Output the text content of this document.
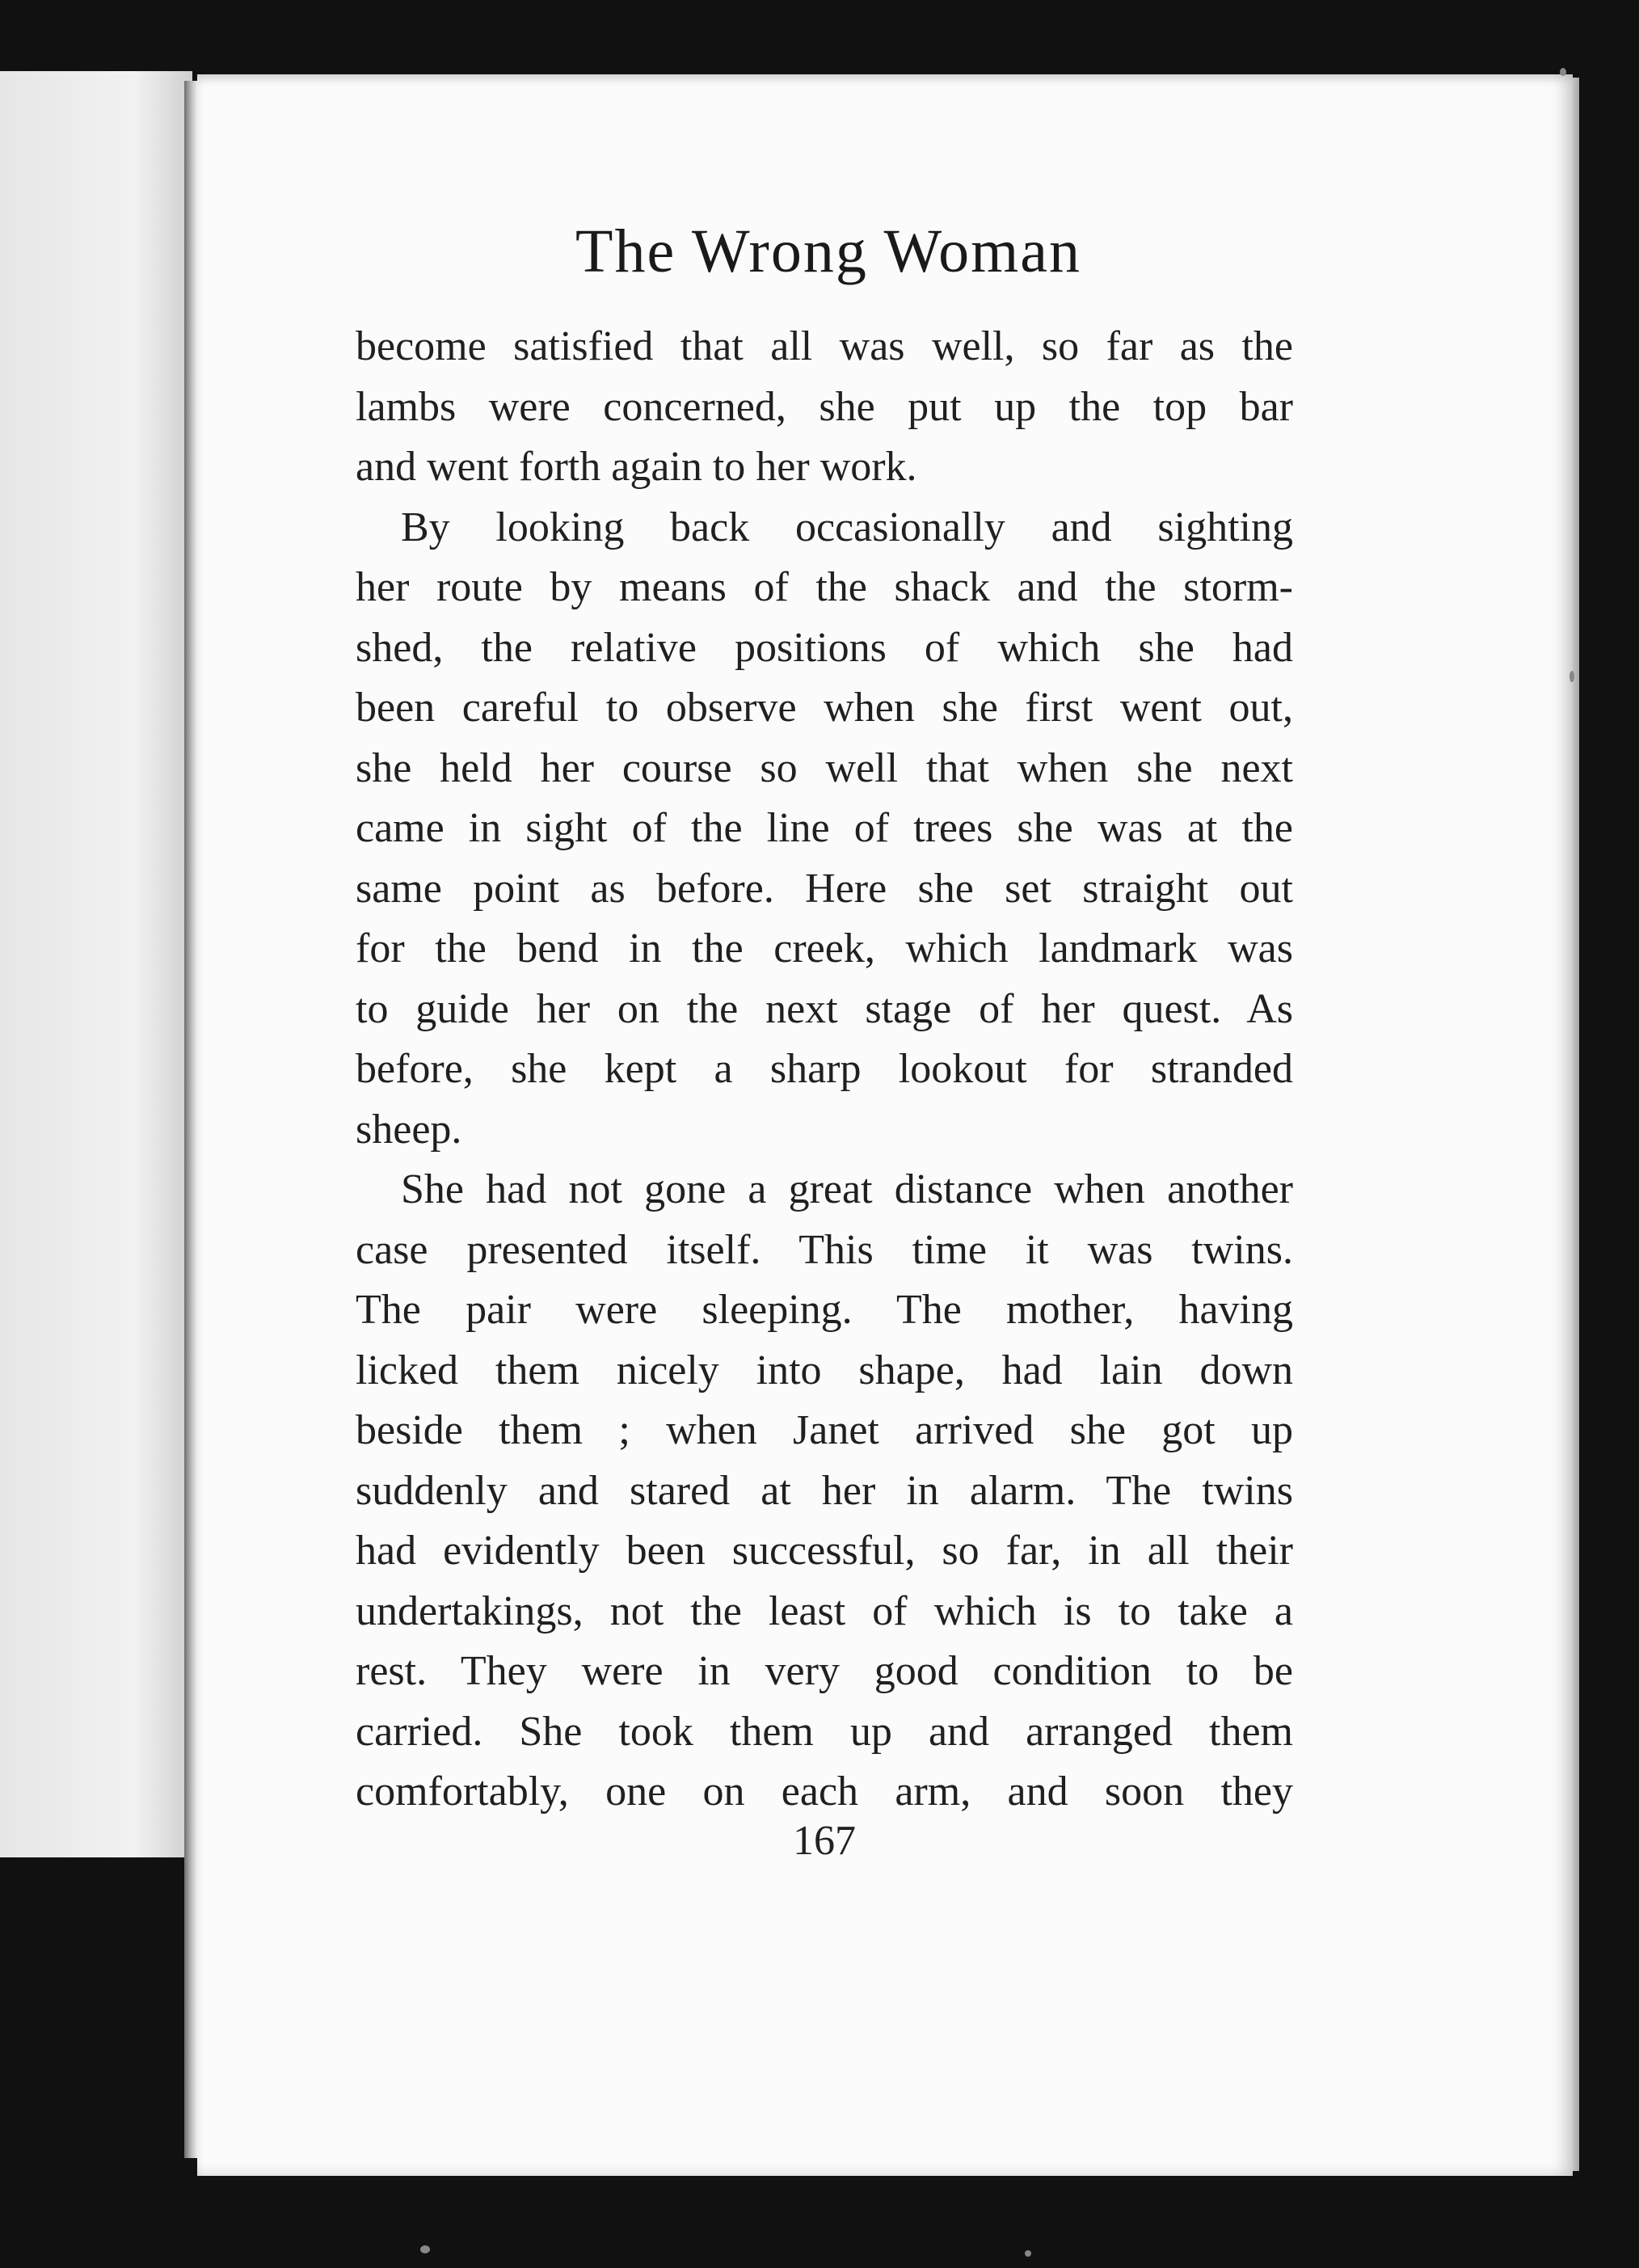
The Wrong Woman
become satisfied that all was well, so far as the
lambs were concerned, she put up the top bar
and went forth again to her work.
By looking back occasionally and sighting
her route by means of the shack and the storm-
shed, the relative positions of which she had
been careful to observe when she first went out,
she held her course so well that when she next
came in sight of the line of trees she was at the
same point as before. Here she set straight out
for the bend in the creek, which landmark was
to guide her on the next stage of her quest. As
before, she kept a sharp lookout for stranded
sheep.
She had not gone a great distance when another
case presented itself. This time it was twins.
The pair were sleeping. The mother, having
licked them nicely into shape, had lain down
beside them ; when Janet arrived she got up
suddenly and stared at her in alarm. The twins
had evidently been successful, so far, in all their
undertakings, not the least of which is to take a
rest. They were in very good condition to be
carried. She took them up and arranged them
comfortably, one on each arm, and soon they
167
